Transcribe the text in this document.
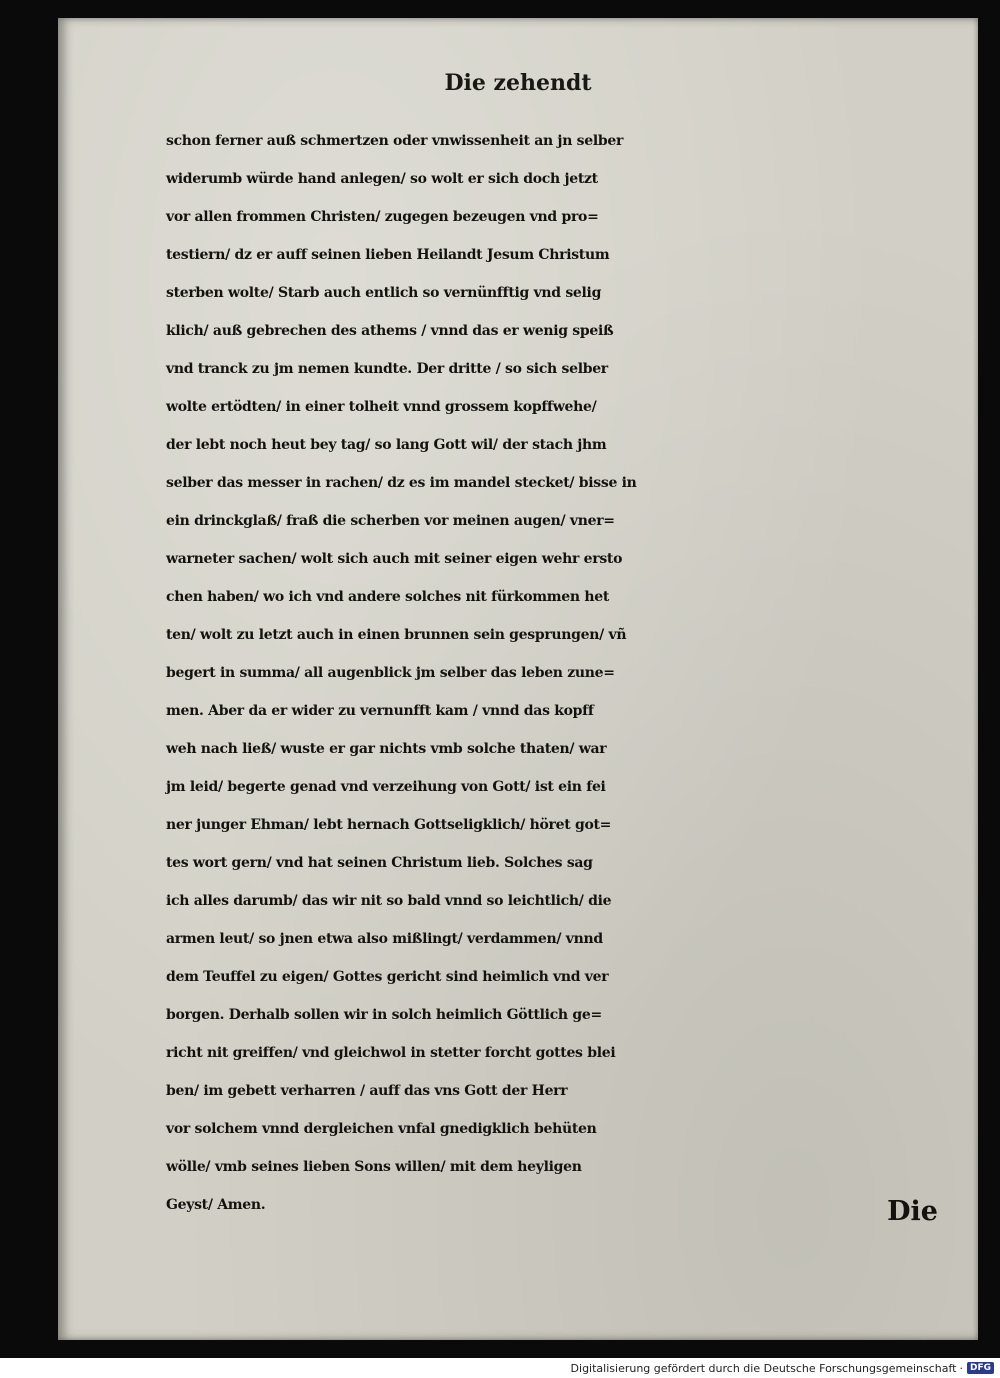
Die zehendt
schon ferner auß schmertzen oder vnwissenheit an jn selber
widerumb würde hand anlegen/ so wolt er sich doch jetzt
vor allen frommen Christen/ zugegen bezeugen vnd pro=
testiern/ dz er auff seinen lieben Heilandt Jesum Christum
sterben wolte/ Starb auch entlich so vernünfftig vnd selig
klich/ auß gebrechen des athems / vnnd das er wenig speiß
vnd tranck zu jm nemen kundte. Der dritte / so sich selber
wolte ertödten/ in einer tolheit vnnd grossem kopffwehe/
der lebt noch heut bey tag/ so lang Gott wil/ der stach jhm
selber das messer in rachen/ dz es im mandel stecket/ bisse in
ein drinckglaß/ fraß die scherben vor meinen augen/ vner=
warneter sachen/ wolt sich auch mit seiner eigen wehr ersto
chen haben/ wo ich vnd andere solches nit fürkommen het
ten/ wolt zu letzt auch in einen brunnen sein gesprungen/ vñ
begert in summa/ all augenblick jm selber das leben zune=
men. Aber da er wider zu vernunfft kam / vnnd das kopff
weh nach ließ/ wuste er gar nichts vmb solche thaten/ war
jm leid/ begerte genad vnd verzeihung von Gott/ ist ein fei
ner junger Ehman/ lebt hernach Gottseligklich/ höret got=
tes wort gern/ vnd hat seinen Christum lieb. Solches sag
ich alles darumb/ das wir nit so bald vnnd so leichtlich/ die
armen leut/ so jnen etwa also mißlingt/ verdammen/ vnnd
dem Teuffel zu eigen/ Gottes gericht sind heimlich vnd ver
borgen. Derhalb sollen wir in solch heimlich Göttlich ge=
richt nit greiffen/ vnd gleichwol in stetter forcht gottes blei
ben/ im gebett verharren / auff das vns Gott der Herr
vor solchem vnnd dergleichen vnfal gnedigklich behüten
wölle/ vmb seines lieben Sons willen/ mit dem heyligen
Geyst/ Amen.	Die
Digitalisierung gefördert durch die Deutsche Forschungsgemeinschaft · DFG
